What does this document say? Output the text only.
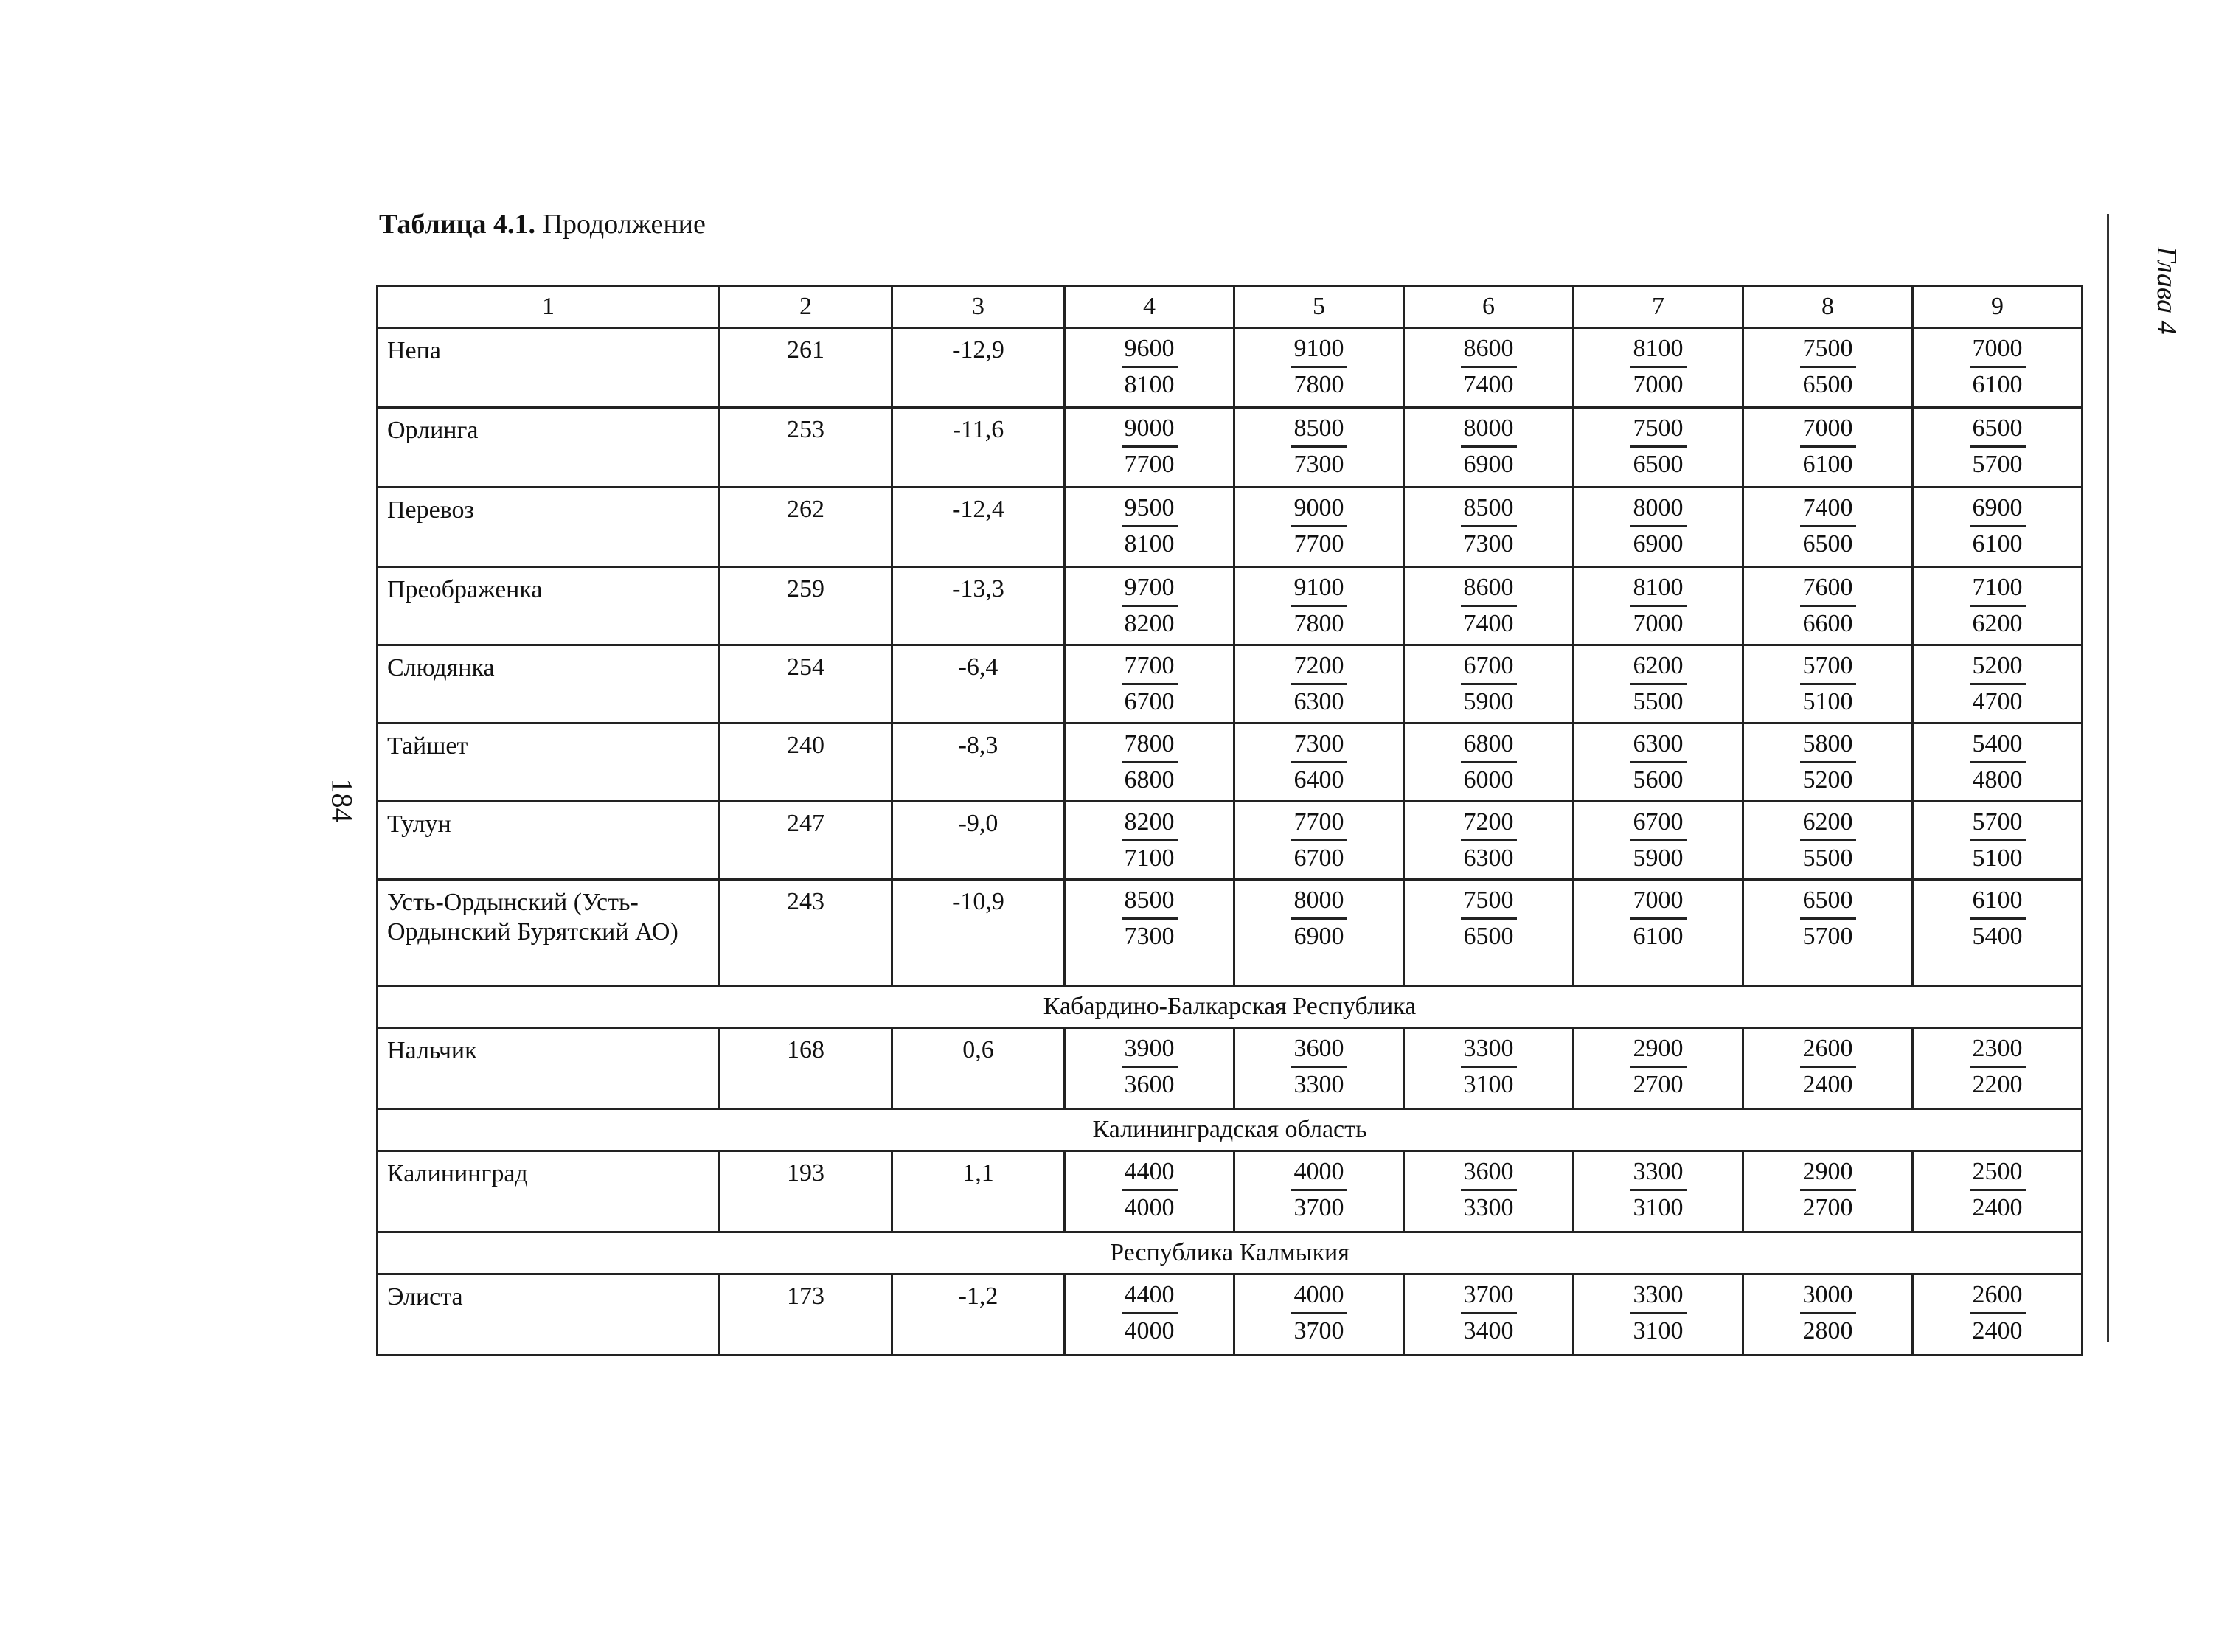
Таблица 4.1. Продолжение
184
Глава 4
1	2	3	4	5	6	7	8	9
Непа	261	-12,9	$\frac{9600}{8100}$	$\frac{9100}{7800}$	$\frac{8600}{7400}$	$\frac{8100}{7000}$	$\frac{7500}{6500}$	$\frac{7000}{6100}$

Орлинга	253	-11,6	$\frac{9000}{7700}$	$\frac{8500}{7300}$	$\frac{8000}{6900}$	$\frac{7500}{6500}$	$\frac{7000}{6100}$	$\frac{6500}{5700}$

Перевоз	262	-12,4	$\frac{9500}{8100}$	$\frac{9000}{7700}$	$\frac{8500}{7300}$	$\frac{8000}{6900}$	$\frac{7400}{6500}$	$\frac{6900}{6100}$

Преображенка	259	-13,3	$\frac{9700}{8200}$	$\frac{9100}{7800}$	$\frac{8600}{7400}$	$\frac{8100}{7000}$	$\frac{7600}{6600}$	$\frac{7100}{6200}$

Слюдянка	254	-6,4	$\frac{7700}{6700}$	$\frac{7200}{6300}$	$\frac{6700}{5900}$	$\frac{6200}{5500}$	$\frac{5700}{5100}$	$\frac{5200}{4700}$

Тайшет	240	-8,3	$\frac{7800}{6800}$	$\frac{7300}{6400}$	$\frac{6800}{6000}$	$\frac{6300}{5600}$	$\frac{5800}{5200}$	$\frac{5400}{4800}$

Тулун	247	-9,0	$\frac{8200}{7100}$	$\frac{7700}{6700}$	$\frac{7200}{6300}$	$\frac{6700}{5900}$	$\frac{6200}{5500}$	$\frac{5700}{5100}$

Усть-Ордынский (Усть-Ордынский Бурятский АО)	243	-10,9	$\frac{8500}{7300}$	$\frac{8000}{6900}$	$\frac{7500}{6500}$	$\frac{7000}{6100}$	$\frac{6500}{5700}$	$\frac{6100}{5400}$

Кабардино-Балкарская Республика								
Нальчик	168	0,6	$\frac{3900}{3600}$	$\frac{3600}{3300}$	$\frac{3300}{3100}$	$\frac{2900}{2700}$	$\frac{2600}{2400}$	$\frac{2300}{2200}$

Калининградская область								
Калининград	193	1,1	$\frac{4400}{4000}$	$\frac{4000}{3700}$	$\frac{3600}{3300}$	$\frac{3300}{3100}$	$\frac{2900}{2700}$	$\frac{2500}{2400}$

Республика Калмыкия								
Элиста	173	-1,2	$\frac{4400}{4000}$	$\frac{4000}{3700}$	$\frac{3700}{3400}$	$\frac{3300}{3100}$	$\frac{3000}{2800}$	$\frac{2600}{2400}$
